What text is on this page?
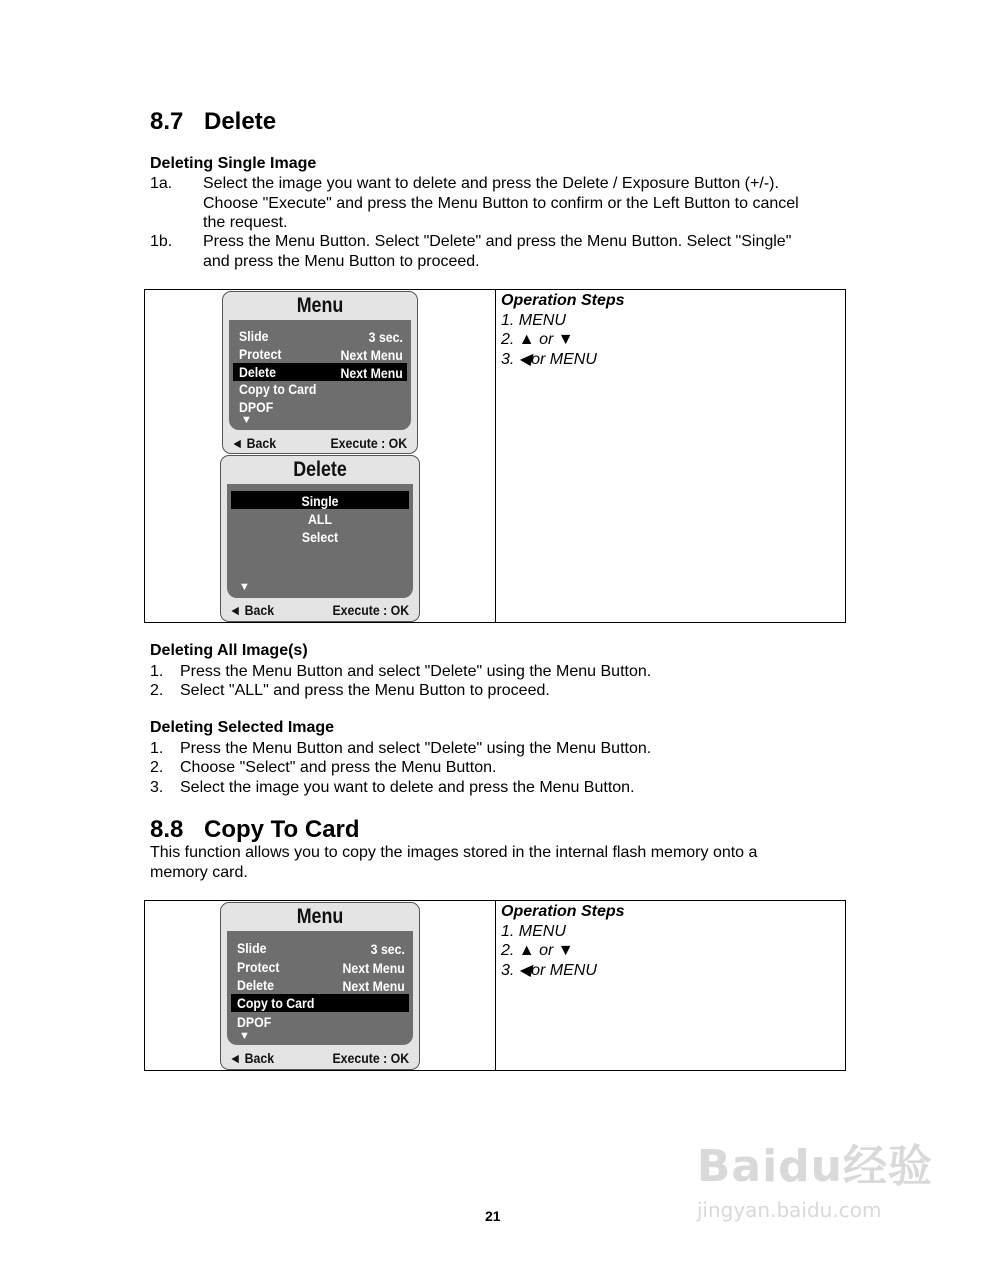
8.7 Delete
Deleting Single Image
1a. Select the image you want to delete and press the Delete / Exposure Button (+/-).
Choose "Execute" and press the Menu Button to confirm or the Left Button to cancel
the request.
1b. Press the Menu Button. Select "Delete" and press the Menu Button. Select "Single"
and press the Menu Button to proceed.
Menu
Slide	3 sec.
Protect	Next Menu
Delete	Next Menu
Copy to Card
DPOF
▼
◄ Back	Execute : OK
Delete
Single
ALL
Select
▼
◄ Back	Execute : OK
Operation Steps
1. MENU
2. ▲ or ▼
3. ◀or MENU
Deleting All Image(s)
1. Press the Menu Button and select "Delete" using the Menu Button.
2. Select "ALL" and press the Menu Button to proceed.
Deleting Selected Image
1. Press the Menu Button and select "Delete" using the Menu Button.
2. Choose "Select" and press the Menu Button.
3. Select the image you want to delete and press the Menu Button.
8.8 Copy To Card
This function allows you to copy the images stored in the internal flash memory onto a
memory card.
Menu
Slide	3 sec.
Protect	Next Menu
Delete	Next Menu
Copy to Card
DPOF
▼
◄ Back	Execute : OK
Operation Steps
1. MENU
2. ▲ or ▼
3. ◀or MENU
Baidu经验
jingyan.baidu.com
21
